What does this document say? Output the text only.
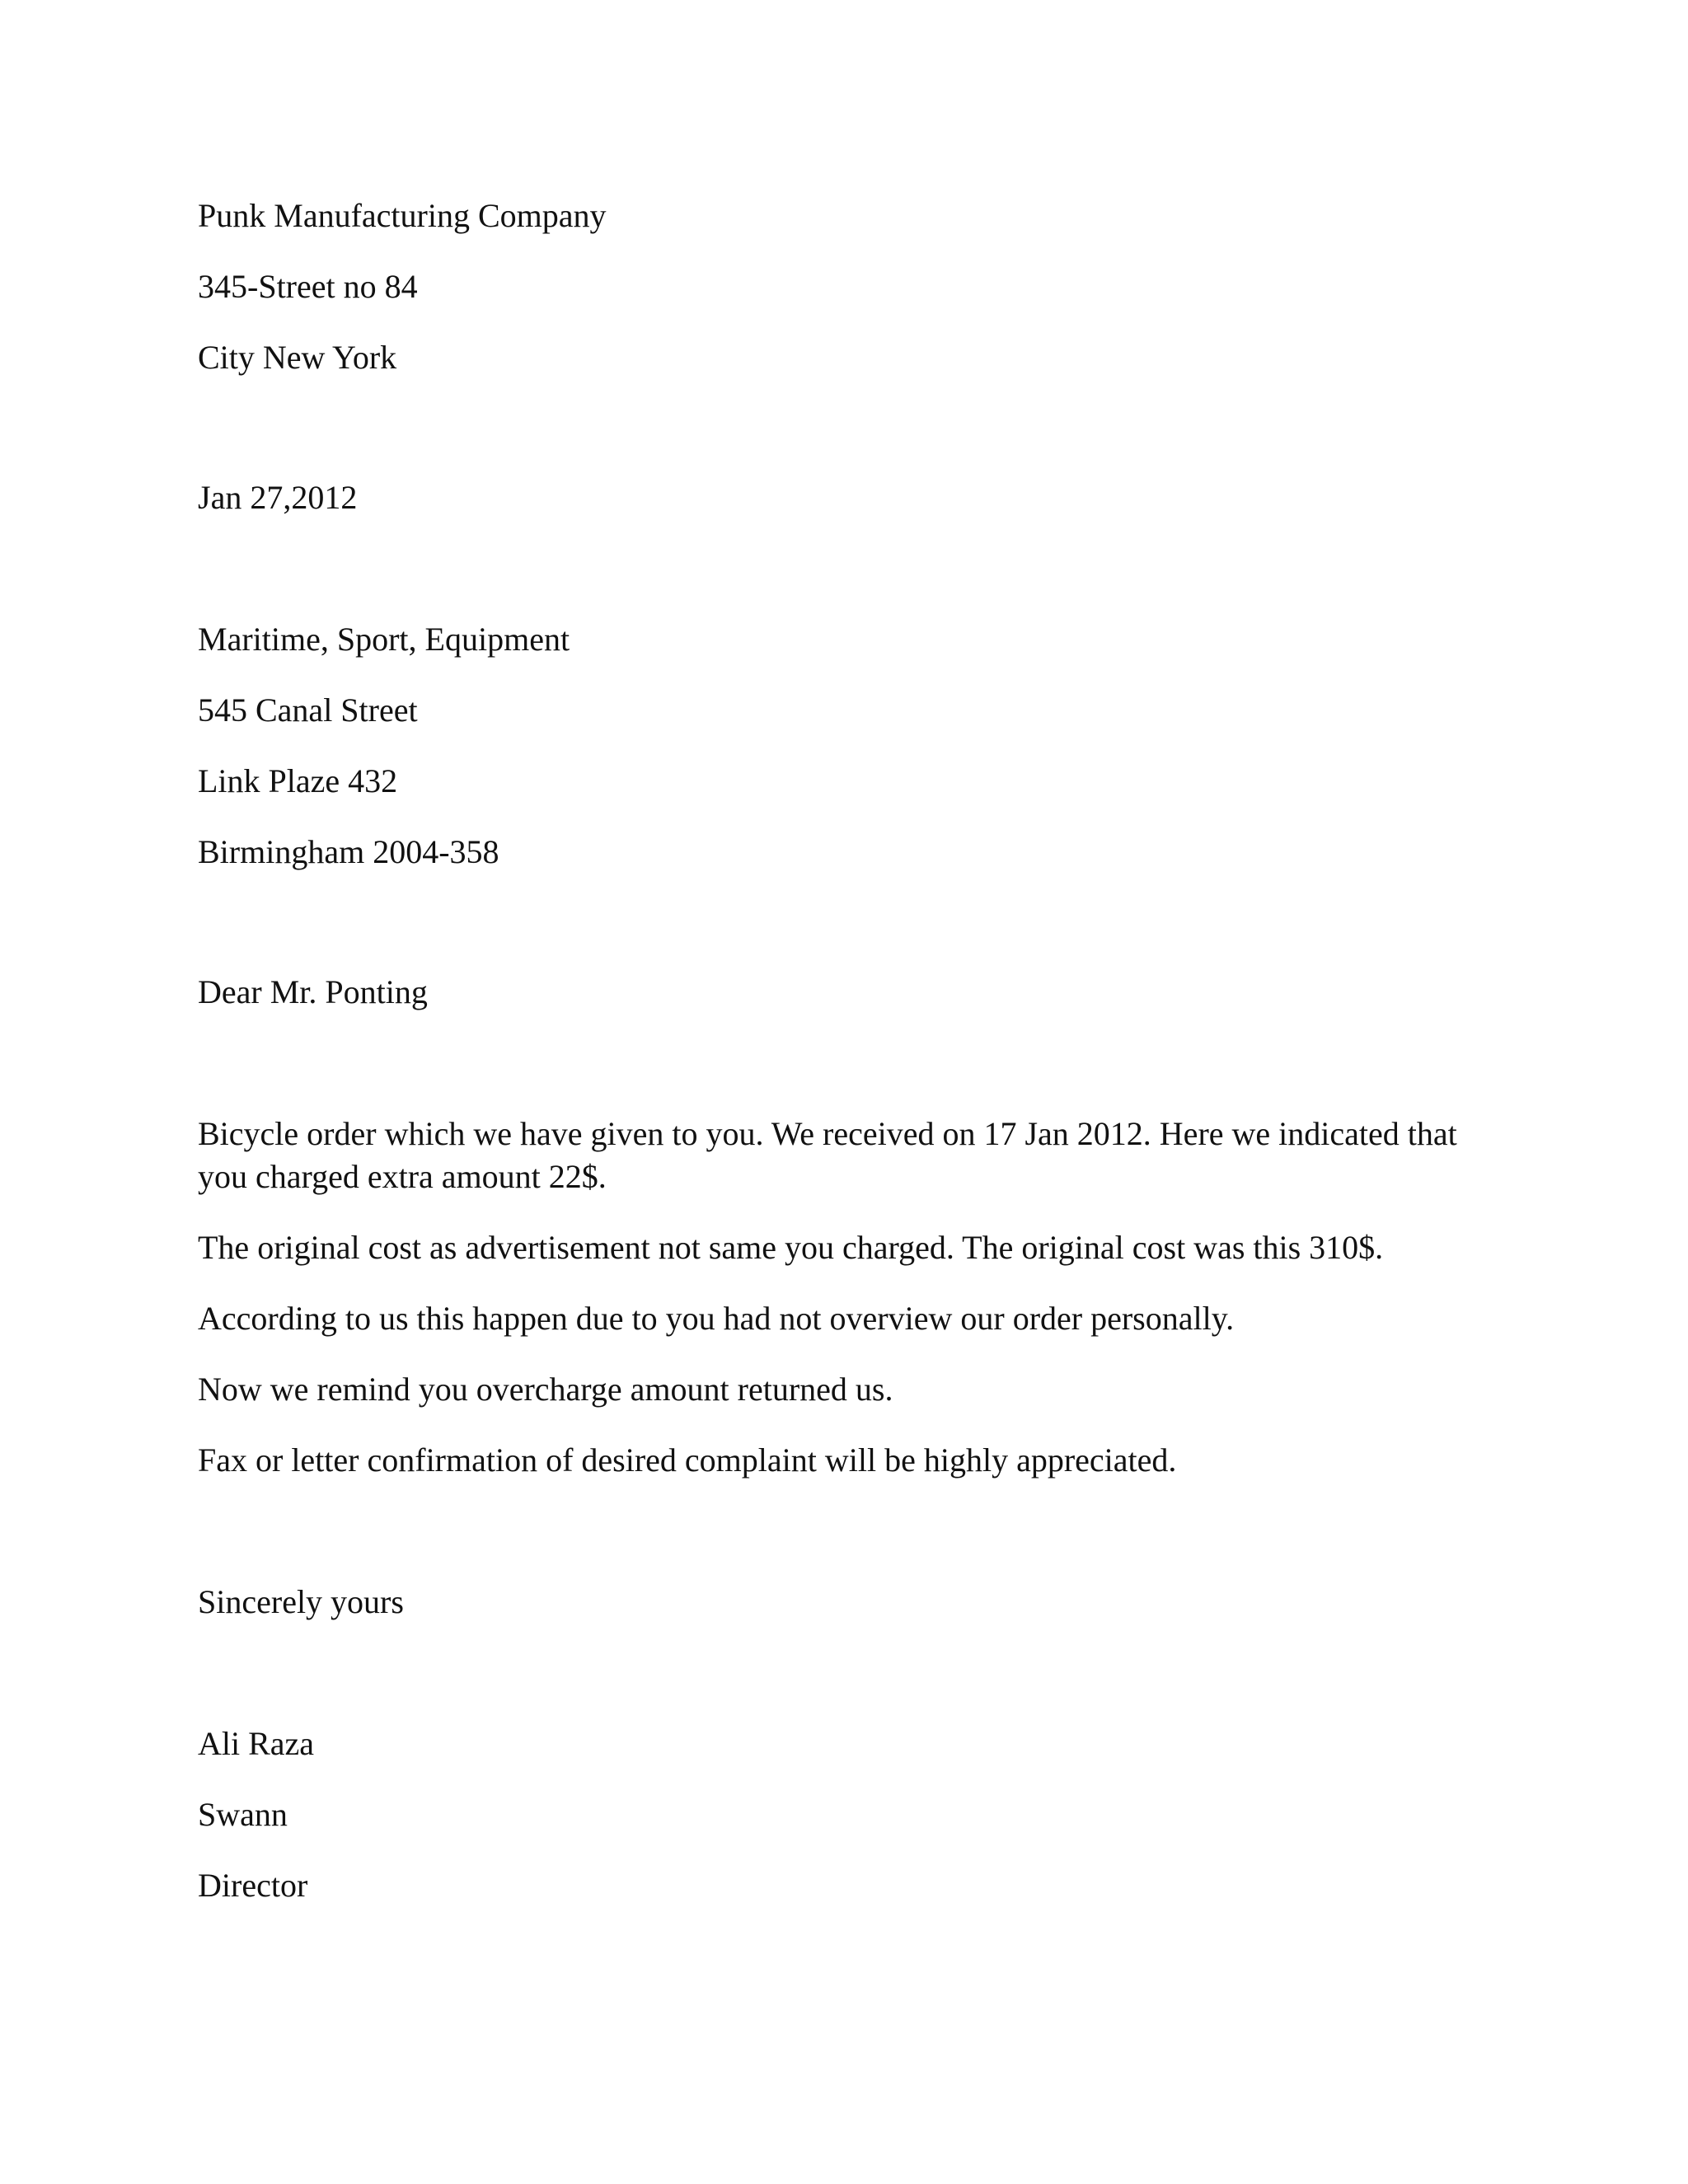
Punk Manufacturing Company
345-Street no 84
City New York
Jan 27,2012
Maritime, Sport, Equipment
545 Canal Street
Link Plaze 432
Birmingham 2004-358
Dear Mr. Ponting
Bicycle order which we have given to you. We received on 17 Jan 2012. Here we indicated that you charged extra amount 22$.
The original cost as advertisement not same you charged. The original cost was this 310$.
According to us this happen due to you had not overview our order personally.
Now we remind you overcharge amount returned us.
Fax or letter confirmation of desired complaint will be highly appreciated.
Sincerely yours
Ali Raza
Swann
Director
